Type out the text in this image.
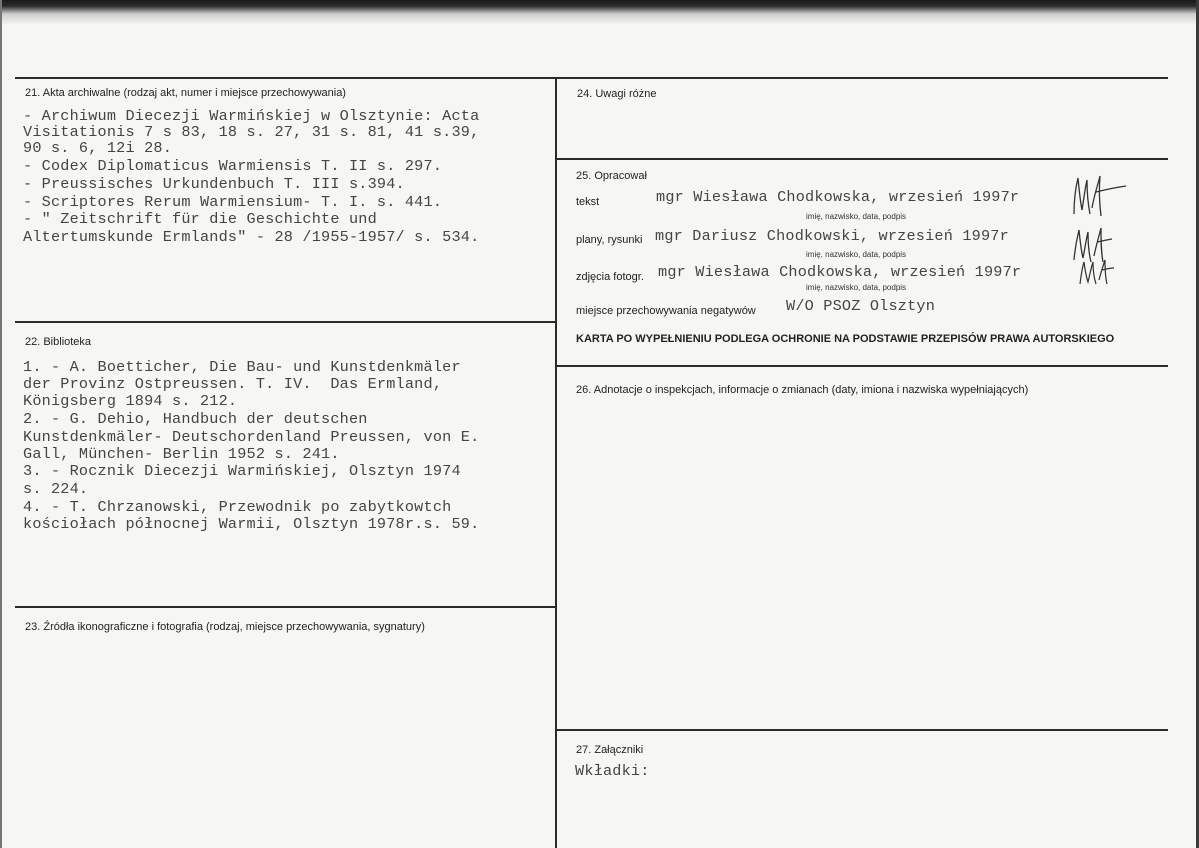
21. Akta archiwalne (rodzaj akt, numer i miejsce przechowywania)
- Archiwum Diecezji Warmińskiej w Olsztynie: Acta
Visitationis 7 s 83, 18 s. 27, 31 s. 81, 41 s.39,
90 s. 6, 12i 28.
- Codex Diplomaticus Warmiensis T. II s. 297.
- Preussisches Urkundenbuch T. III s.394.
- Scriptores Rerum Warmiensium- T. I. s. 441.
- " Zeitschrift für die Geschichte und
Altertumskunde Ermlands" - 28 /1955-1957/ s. 534.
22. Biblioteka
1. - A. Boetticher, Die Bau- und Kunstdenkmäler
der Provinz Ostpreussen. T. IV.  Das Ermland,
Königsberg 1894 s. 212.
2. - G. Dehio, Handbuch der deutschen
Kunstdenkmäler- Deutschordenland Preussen, von E.
Gall, München- Berlin 1952 s. 241.
3. - Rocznik Diecezji Warmińskiej, Olsztyn 1974
s. 224.
4. - T. Chrzanowski, Przewodnik po zabytkowtch
kościołach północnej Warmii, Olsztyn 1978r.s. 59.
23. Źródła ikonograficzne i fotografia (rodzaj, miejsce przechowywania, sygnatury)
24. Uwagi różne
25. Opracował
tekst	mgr Wiesława Chodkowska, wrzesień 1997r
imię, nazwisko, data, podpis
plany, rysunki mgr Dariusz Chodkowski, wrzesień 1997r
imię, nazwisko, data, podpis
zdjęcia fotogr. mgr Wiesława Chodkowska, wrzesień 1997r
imię, nazwisko, data, podpis
miejsce przechowywania negatywów W/O PSOZ Olsztyn
KARTA PO WYPEŁNIENIU PODLEGA OCHRONIE NA PODSTAWIE PRZEPISÓW PRAWA AUTORSKIEGO
26. Adnotacje o inspekcjach, informacje o zmianach (daty, imiona i nazwiska wypełniających)
27. Załączniki
Wkładki:
